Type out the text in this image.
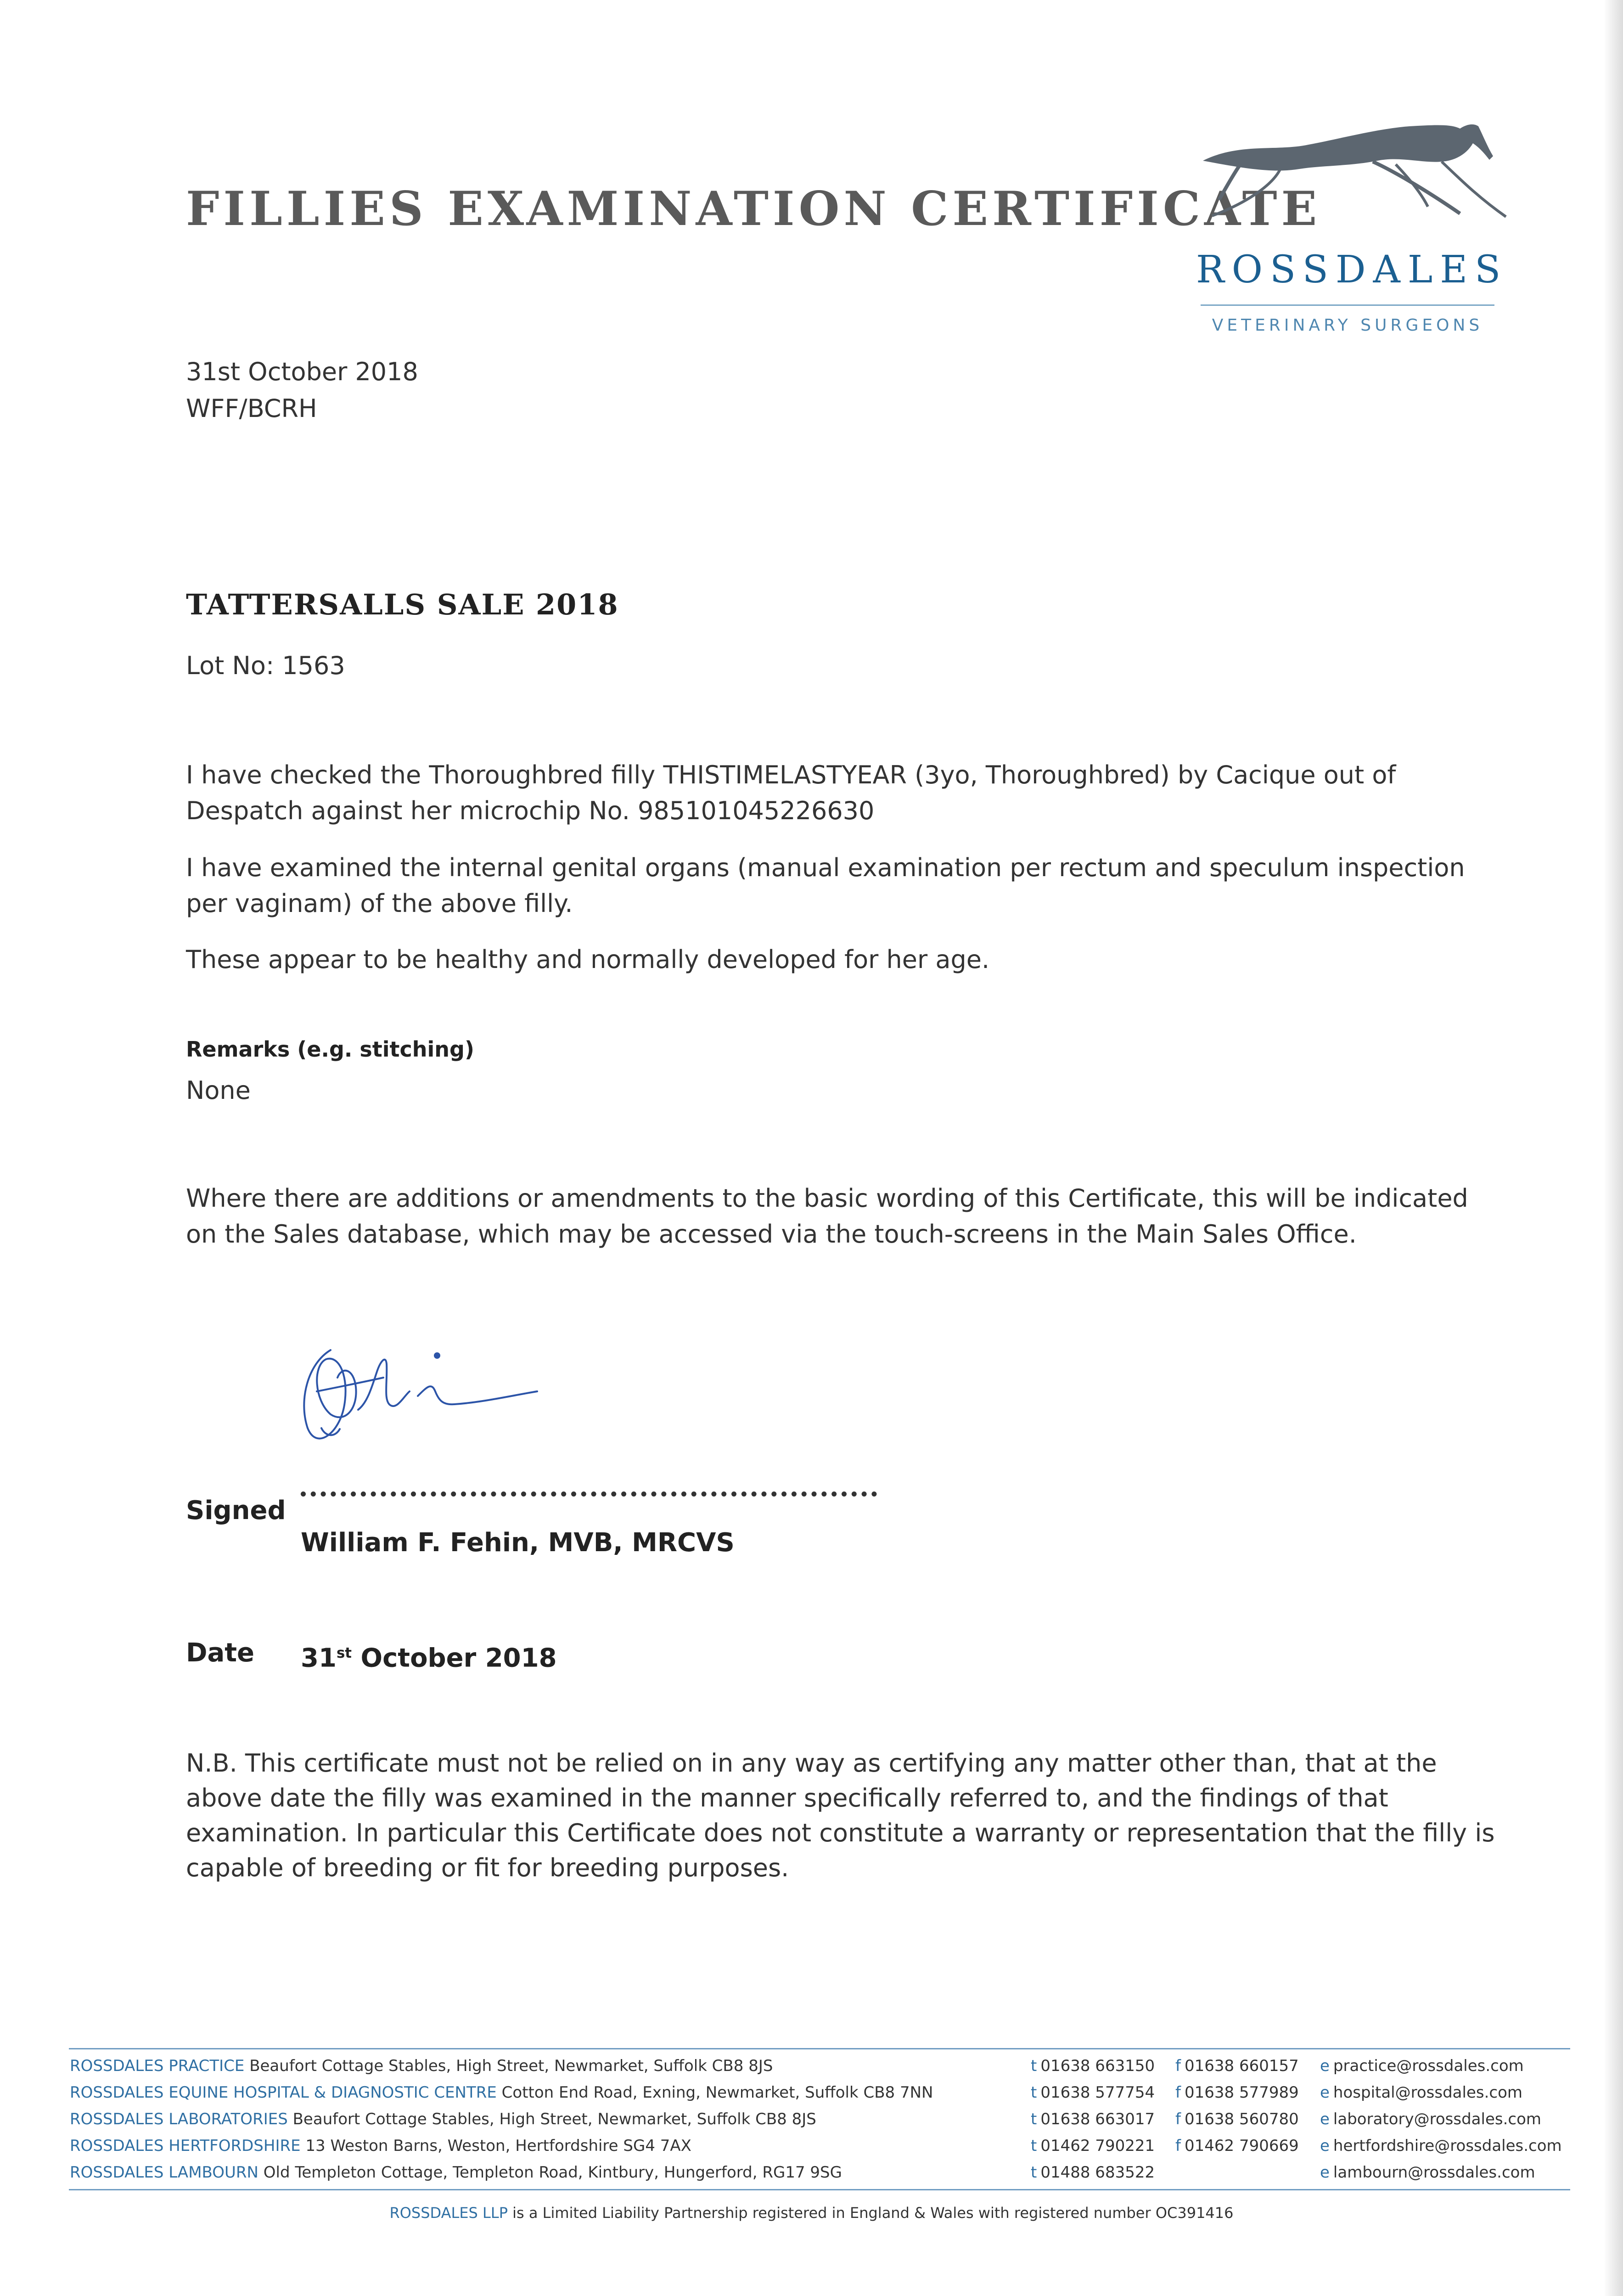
FILLIES EXAMINATION CERTIFICATE
ROSSDALES
VETERINARY SURGEONS
31st October 2018
WFF/BCRH
TATTERSALLS SALE 2018
Lot No: 1563
I have checked the Thoroughbred filly THISTIMELASTYEAR (3yo, Thoroughbred) by Cacique out of
Despatch against her microchip No. 985101045226630
I have examined the internal genital organs (manual examination per rectum and speculum inspection
per vaginam) of the above filly.
These appear to be healthy and normally developed for her age.
Remarks (e.g. stitching)
None
Where there are additions or amendments to the basic wording of this Certificate, this will be indicated
on the Sales database, which may be accessed via the touch-screens in the Main Sales Office.
Signed
William F. Fehin, MVB, MRCVS
Date 31st October 2018
N.B. This certificate must not be relied on in any way as certifying any matter other than, that at the
above date the filly was examined in the manner specifically referred to, and the findings of that
examination. In particular this Certificate does not constitute a warranty or representation that the filly is
capable of breeding or fit for breeding purposes.
ROSSDALES PRACTICE Beaufort Cottage Stables, High Street, Newmarket, Suffolk CB8 8JS	t 01638 663150 f 01638 660157 e practice@rossdales.com
ROSSDALES EQUINE HOSPITAL & DIAGNOSTIC CENTRE Cotton End Road, Exning, Newmarket, Suffolk CB8 7NN	t 01638 577754 f 01638 577989 e hospital@rossdales.com
ROSSDALES LABORATORIES Beaufort Cottage Stables, High Street, Newmarket, Suffolk CB8 8JS	t 01638 663017 f 01638 560780 e laboratory@rossdales.com
ROSSDALES HERTFORDSHIRE 13 Weston Barns, Weston, Hertfordshire SG4 7AX	t 01462 790221 f 01462 790669 e hertfordshire@rossdales.com
ROSSDALES LAMBOURN Old Templeton Cottage, Templeton Road, Kintbury, Hungerford, RG17 9SG	t 01488 683522	e lambourn@rossdales.com
ROSSDALES LLP is a Limited Liability Partnership registered in England & Wales with registered number OC391416
